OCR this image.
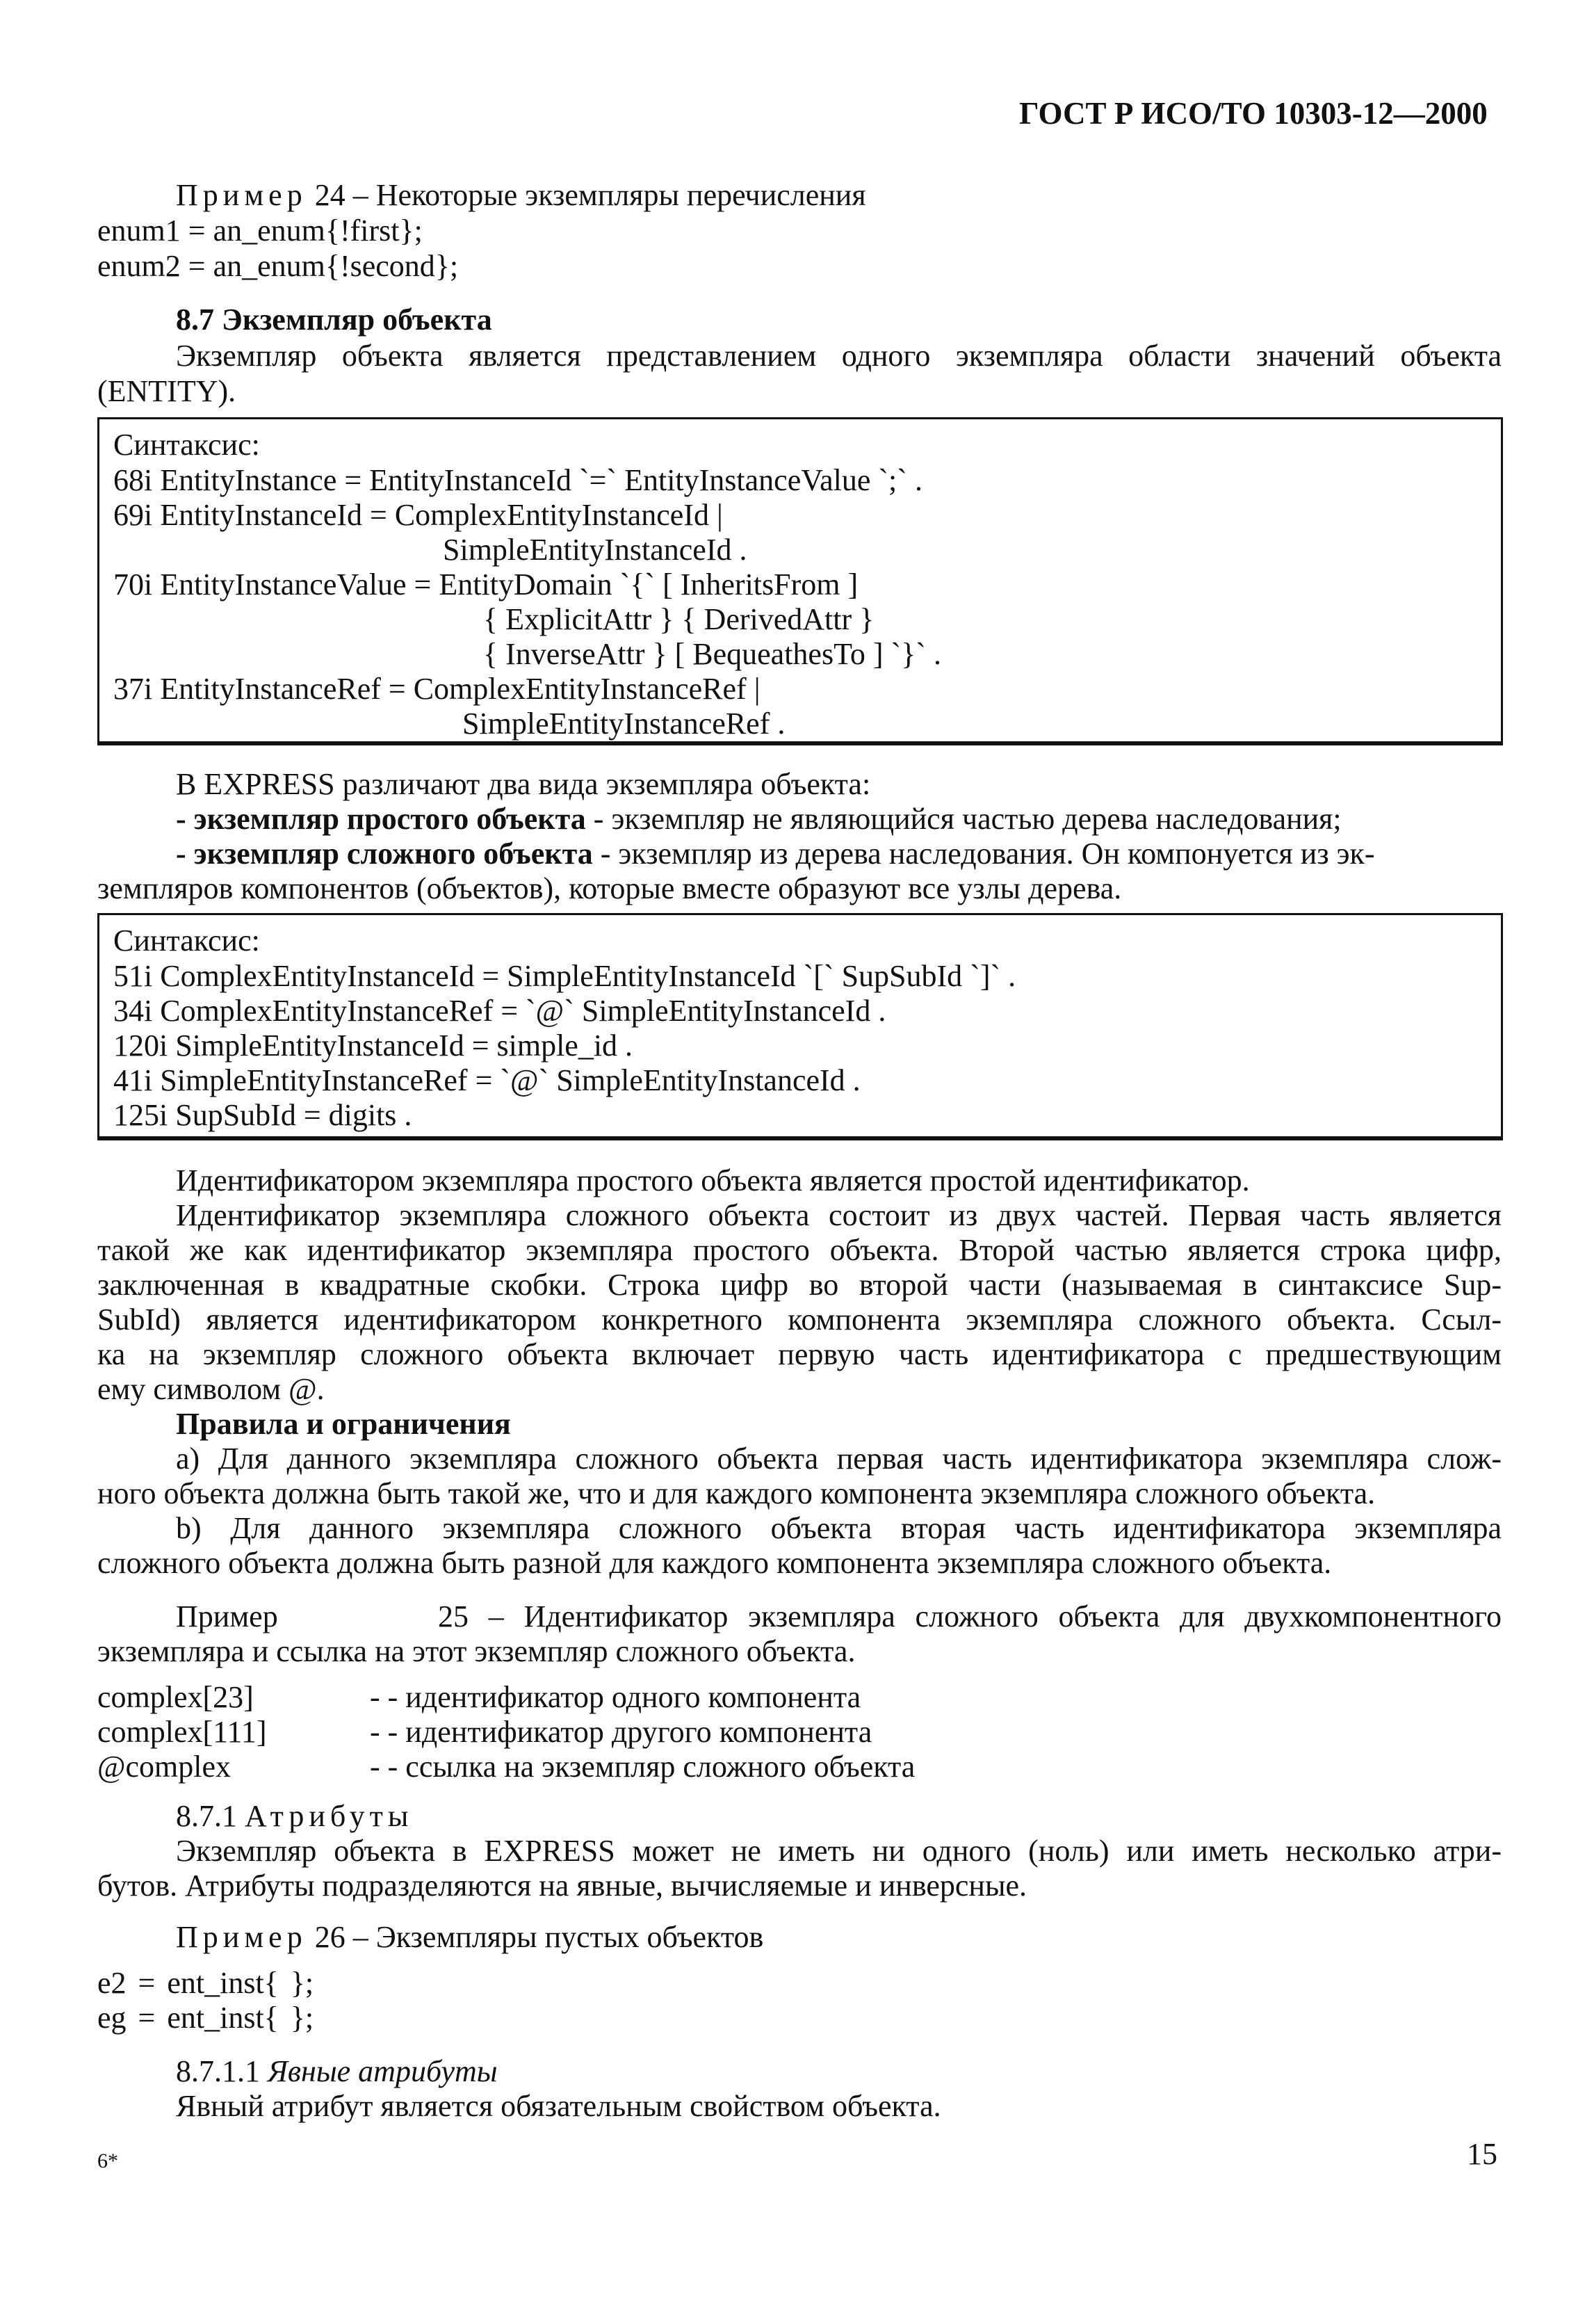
ГОСТ Р ИСО/ТО 10303-12—2000
Пример 24 – Некоторые экземпляры перечисления
enum1 = an_enum{!first};
enum2 = an_enum{!second};
8.7 Экземпляр объекта
Экземпляр объекта является представлением одного экземпляра области значений объекта
(ENTITY).
Синтаксис:
68i EntityInstance = EntityInstanceId `=` EntityInstanceValue `;` .
69i EntityInstanceId = ComplexEntityInstanceId |
SimpleEntityInstanceId .
70i EntityInstanceValue = EntityDomain `{` [ InheritsFrom ]
{ ExplicitAttr } { DerivedAttr }
{ InverseAttr } [ BequeathesTo ] `}` .
37i EntityInstanceRef = ComplexEntityInstanceRef |
SimpleEntityInstanceRef .
В EXPRESS различают два вида экземпляра объекта:
- экземпляр простого объекта - экземпляр не являющийся частью дерева наследования;
- экземпляр сложного объекта - экземпляр из дерева наследования. Он компонуется из эк-
земпляров компонентов (объектов), которые вместе образуют все узлы дерева.
Синтаксис:
51i ComplexEntityInstanceId = SimpleEntityInstanceId `[` SupSubId `]` .
34i ComplexEntityInstanceRef = `@` SimpleEntityInstanceId .
120i SimpleEntityInstanceId = simple_id .
41i SimpleEntityInstanceRef = `@` SimpleEntityInstanceId .
125i SupSubId = digits .
Идентификатором экземпляра простого объекта является простой идентификатор.
Идентификатор экземпляра сложного объекта состоит из двух частей. Первая часть является
такой же как идентификатор экземпляра простого объекта. Второй частью является строка цифр,
заключенная в квадратные скобки. Строка цифр во второй части (называемая в синтаксисе Sup-
SubId) является идентификатором конкретного компонента экземпляра сложного объекта. Ссыл-
ка на экземпляр сложного объекта включает первую часть идентификатора с предшествующим
ему символом @.
Правила и ограничения
а) Для данного экземпляра сложного объекта первая часть идентификатора экземпляра слож-
ного объекта должна быть такой же, что и для каждого компонента экземпляра сложного объекта.
b) Для данного экземпляра сложного объекта вторая часть идентификатора экземпляра
сложного объекта должна быть разной для каждого компонента экземпляра сложного объекта.
Пример	25 – Идентификатор экземпляра сложного объекта для двухкомпонентного
экземпляра и ссылка на этот экземпляр сложного объекта.
complex[23]	- - идентификатор одного компонента
complex[111]	- - идентификатор другого компонента
@complex	- - ссылка на экземпляр сложного объекта
8.7.1 Атрибуты
Экземпляр объекта в EXPRESS может не иметь ни одного (ноль) или иметь несколько атри-
бутов. Атрибуты подразделяются на явные, вычисляемые и инверсные.
Пример 26 – Экземпляры пустых объектов
e2 = ent_inst{ };
eg = ent_inst{ };
8.7.1.1 Явные атрибуты
Явный атрибут является обязательным свойством объекта.
6*	15
